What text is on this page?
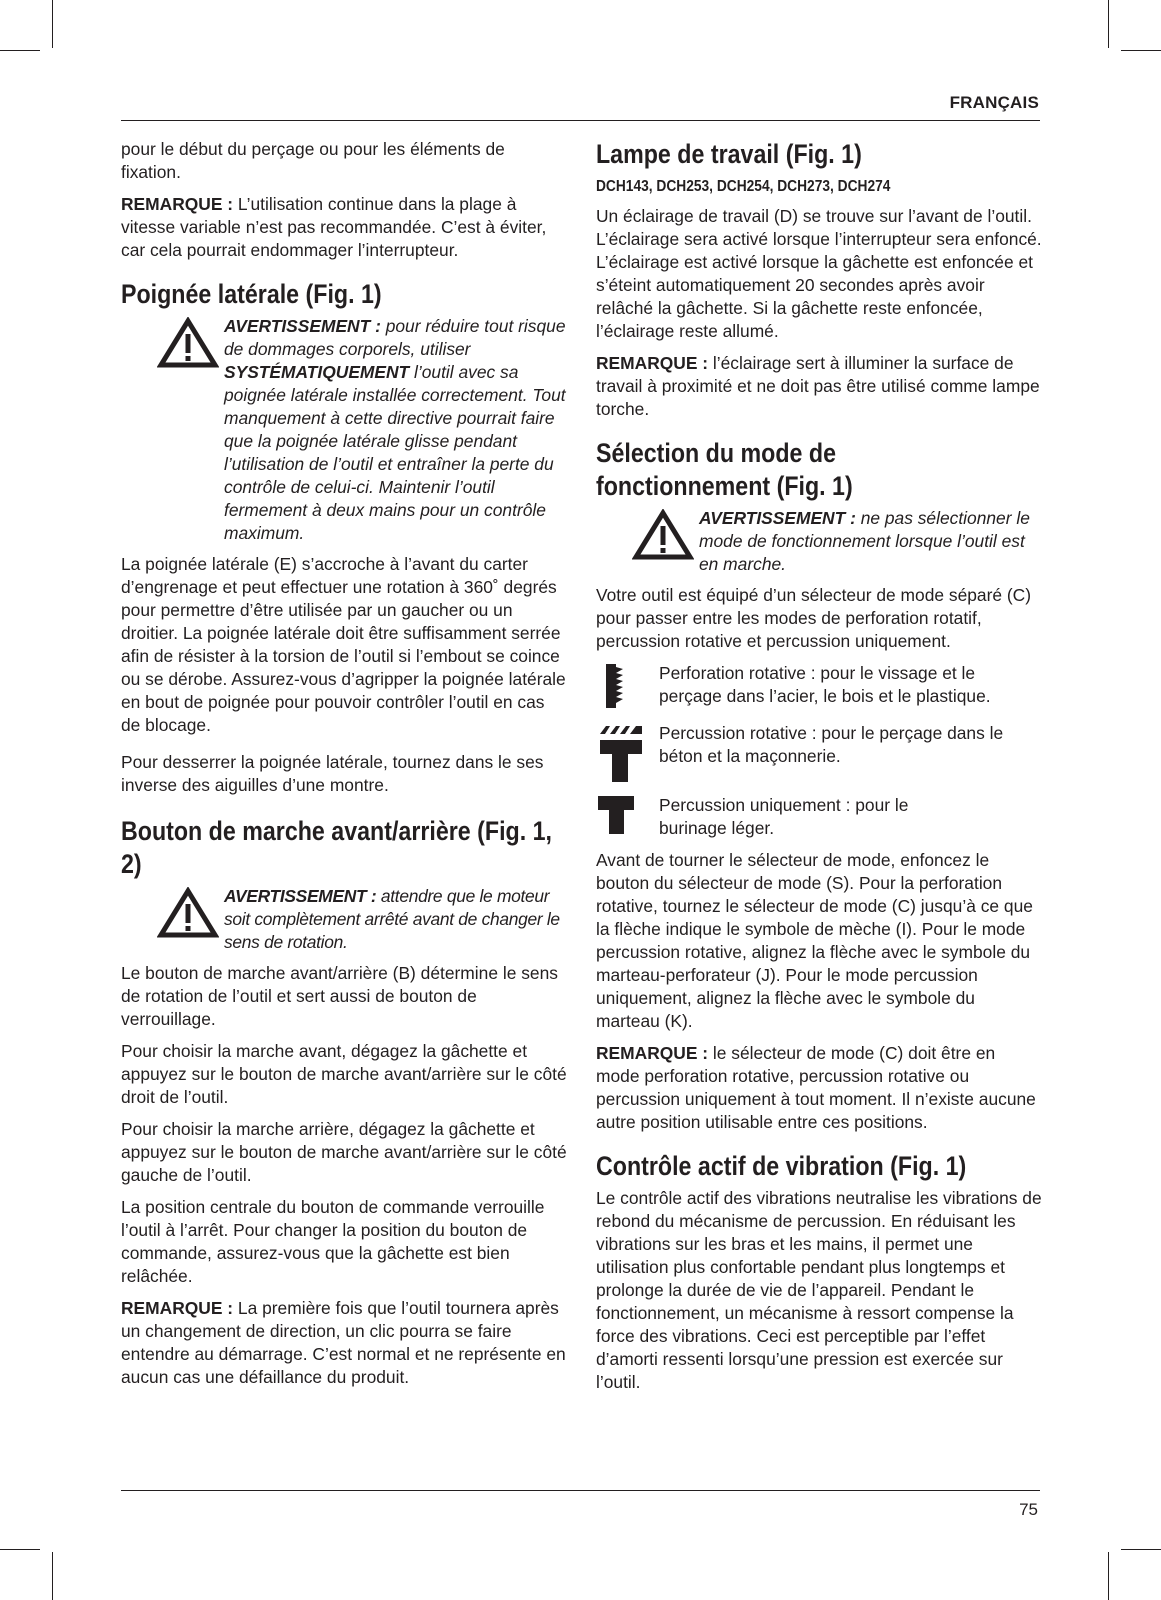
FRANÇAIS

pour le début du perçage ou pour les éléments de fixation.

REMARQUE : L’utilisation continue dans la plage à vitesse variable n’est pas recommandée. C’est à éviter, car cela pourrait endommager l’interrupteur.

Poignée latérale (Fig. 1)
AVERTISSEMENT : pour réduire tout risque de dommages corporels, utiliser SYSTÉMATIQUEMENT l’outil avec sa poignée latérale installée correctement. Tout manquement à cette directive pourrait faire que la poignée latérale glisse pendant l’utilisation de l’outil et entraîner la perte du contrôle de celui-ci. Maintenir l’outil fermement à deux mains pour un contrôle maximum.

La poignée latérale (E) s’accroche à l’avant du carter d’engrenage et peut effectuer une rotation à 360˚ degrés pour permettre d’être utilisée par un gaucher ou un droitier. La poignée latérale doit être suffisamment serrée afin de résister à la torsion de l’outil si l’embout se coince ou se dérobe. Assurez-vous d’agripper la poignée latérale en bout de poignée pour pouvoir contrôler l’outil en cas de blocage.

Pour desserrer la poignée latérale, tournez dans le ses inverse des aiguilles d’une montre.

Bouton de marche avant/arrière (Fig. 1, 2)
AVERTISSEMENT : attendre que le moteur soit complètement arrêté avant de changer le sens de rotation.

Le bouton de marche avant/arrière (B) détermine le sens de rotation de l’outil et sert aussi de bouton de verrouillage.

Pour choisir la marche avant, dégagez la gâchette et appuyez sur le bouton de marche avant/arrière sur le côté droit de l’outil.

Pour choisir la marche arrière, dégagez la gâchette et appuyez sur le bouton de marche avant/arrière sur le côté gauche de l’outil.

La position centrale du bouton de commande verrouille l’outil à l’arrêt. Pour changer la position du bouton de commande, assurez-vous que la gâchette est bien relâchée.

REMARQUE : La première fois que l’outil tournera après un changement de direction, un clic pourra se faire entendre au démarrage. C’est normal et ne représente en aucun cas une défaillance du produit.

Lampe de travail (Fig. 1)
DCH143, DCH253, DCH254, DCH273, DCH274

Un éclairage de travail (D) se trouve sur l’avant de l’outil. L’éclairage sera activé lorsque l’interrupteur sera enfoncé. L’éclairage est activé lorsque la gâchette est enfoncée et s’éteint automatiquement 20 secondes après avoir relâché la gâchette. Si la gâchette reste enfoncée, l’éclairage reste allumé.

REMARQUE : l’éclairage sert à illuminer la surface de travail à proximité et ne doit pas être utilisé comme lampe torche.

Sélection du mode de
fonctionnement (Fig. 1)
AVERTISSEMENT : ne pas sélectionner le mode de fonctionnement lorsque l’outil est en marche.

Votre outil est équipé d’un sélecteur de mode séparé (C) pour passer entre les modes de perforation rotatif, percussion rotative et percussion uniquement.

Perforation rotative : pour le vissage et le perçage dans l’acier, le bois et le plastique.

Percussion rotative : pour le perçage dans le béton et la maçonnerie.

Percussion uniquement : pour le burinage léger.

Avant de tourner le sélecteur de mode, enfoncez le bouton du sélecteur de mode (S). Pour la perforation rotative, tournez le sélecteur de mode (C) jusqu’à ce que la flèche indique le symbole de mèche (I). Pour le mode percussion rotative, alignez la flèche avec le symbole du marteau-perforateur (J). Pour le mode percussion uniquement, alignez la flèche avec le symbole du marteau (K).

REMARQUE : le sélecteur de mode (C) doit être en mode perforation rotative, percussion rotative ou percussion uniquement à tout moment. Il n’existe aucune autre position utilisable entre ces positions.

Contrôle actif de vibration (Fig. 1)

Le contrôle actif des vibrations neutralise les vibrations de rebond du mécanisme de percussion. En réduisant les vibrations sur les bras et les mains, il permet une utilisation plus confortable pendant plus longtemps et prolonge la durée de vie de l’appareil. Pendant le fonctionnement, un mécanisme à ressort compense la force des vibrations. Ceci est perceptible par l’effet d’amorti ressenti lorsqu’une pression est exercée sur l’outil.

75
